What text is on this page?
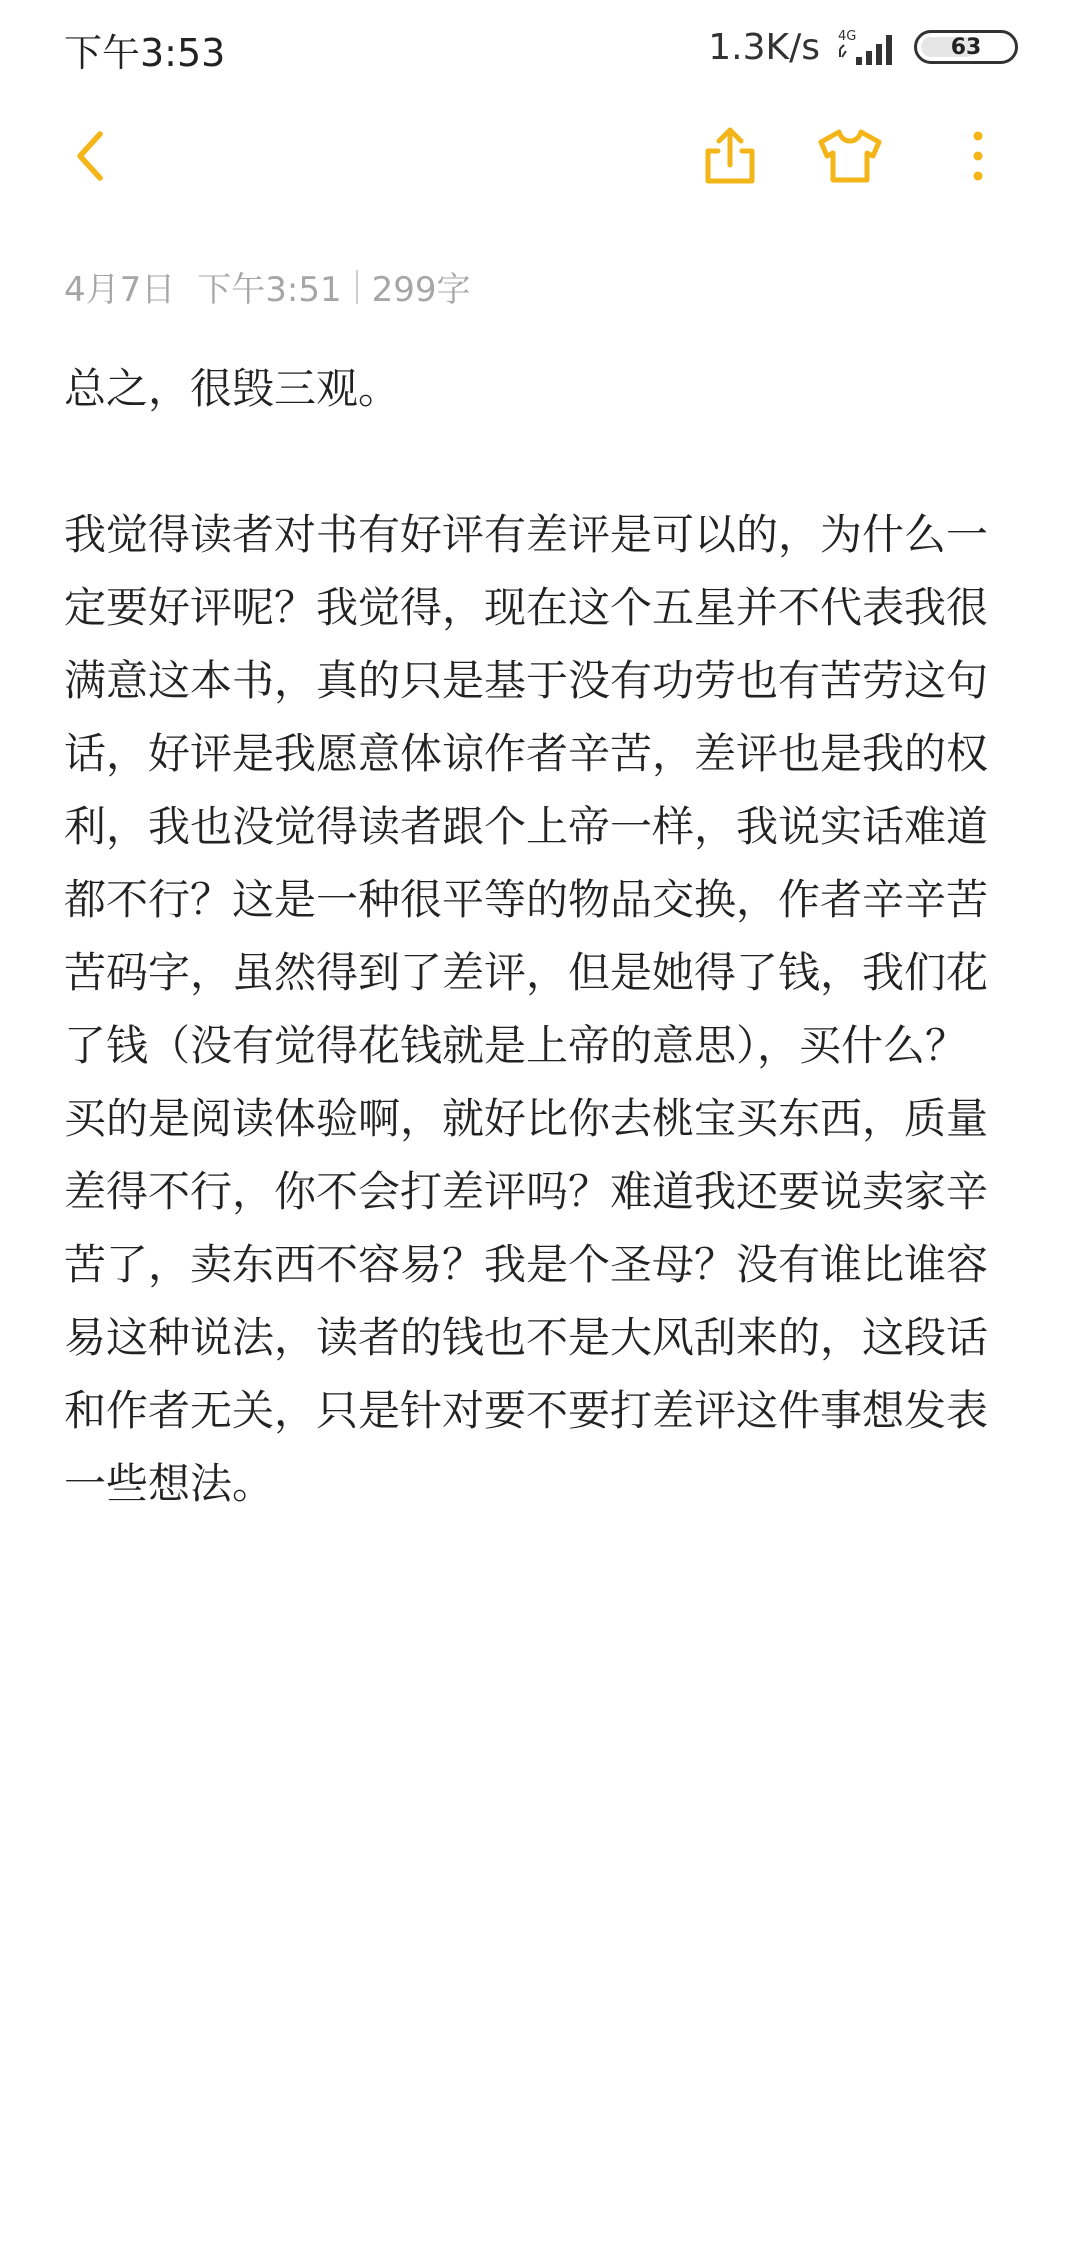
下午3:53	1.3K/s 4G	63
4月7日 下午3:51 299字

总之，很毁三观。

我觉得读者对书有好评有差评是可以的，为什么一定要好评呢？我觉得，现在这个五星并不代表我很满意这本书，真的只是基于没有功劳也有苦劳这句话，好评是我愿意体谅作者辛苦，差评也是我的权利，我也没觉得读者跟个上帝一样，我说实话难道都不行？这是一种很平等的物品交换，作者辛辛苦苦码字，虽然得到了差评，但是她得了钱，我们花了钱（没有觉得花钱就是上帝的意思），买什么？买的是阅读体验啊，就好比你去桃宝买东西，质量差得不行，你不会打差评吗？难道我还要说卖家辛苦了，卖东西不容易？我是个圣母？没有谁比谁容易这种说法，读者的钱也不是大风刮来的，这段话和作者无关，只是针对要不要打差评这件事想发表一些想法。
